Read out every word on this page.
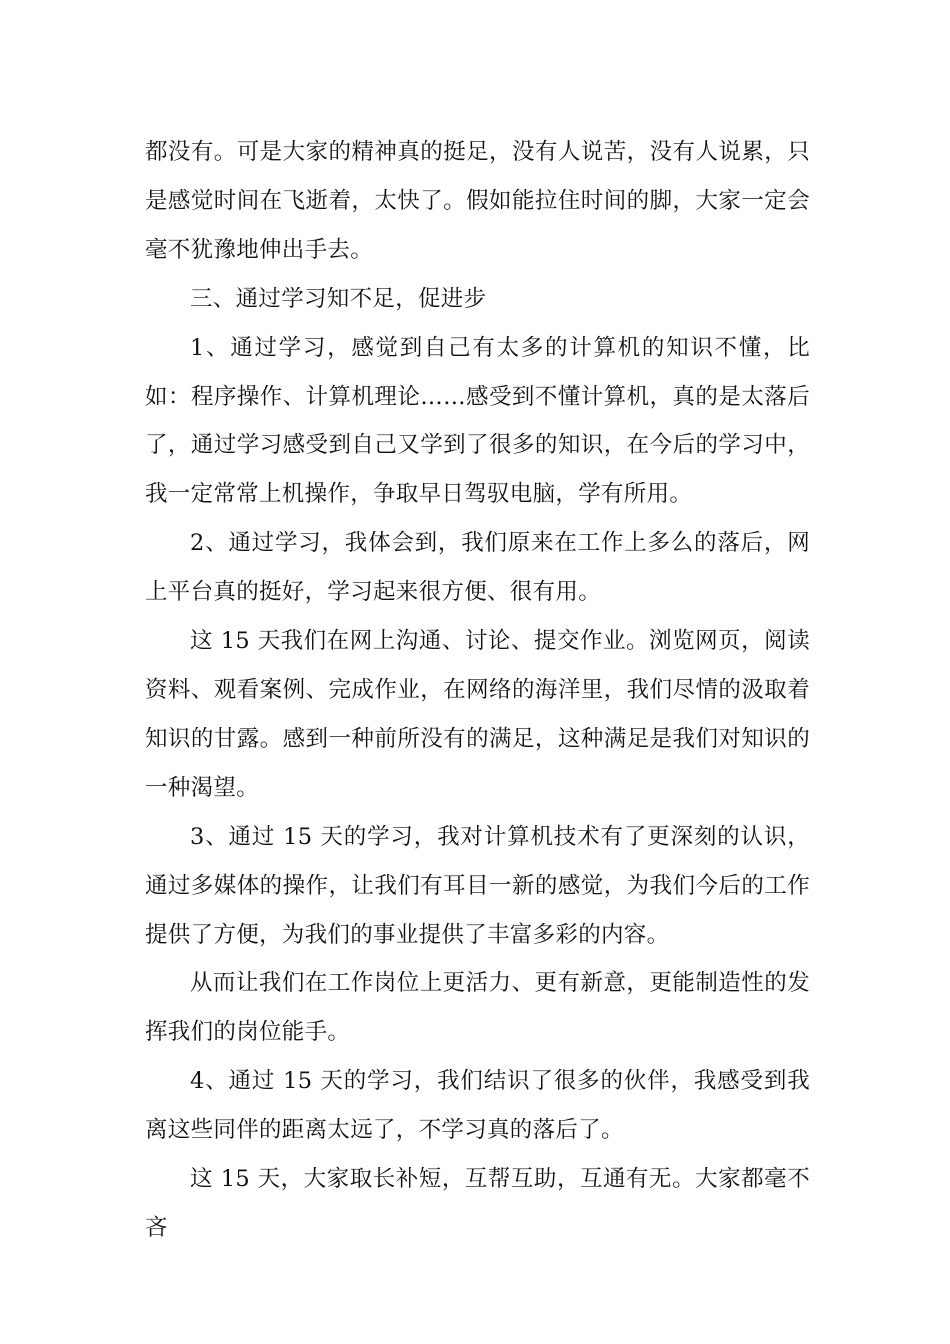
都没有。可是大家的精神真的挺足，没有人说苦，没有人说累，只是感觉时间在飞逝着，太快了。假如能拉住时间的脚，大家一定会毫不犹豫地伸出手去。

三、通过学习知不足，促进步

1、通过学习，感觉到自己有太多的计算机的知识不懂，比如：程序操作、计算机理论……感受到不懂计算机，真的是太落后了，通过学习感受到自己又学到了很多的知识，在今后的学习中，我一定常常上机操作，争取早日驾驭电脑，学有所用。

2、通过学习，我体会到，我们原来在工作上多么的落后，网上平台真的挺好，学习起来很方便、很有用。

这 15 天我们在网上沟通、讨论、提交作业。浏览网页，阅读资料、观看案例、完成作业，在网络的海洋里，我们尽情的汲取着知识的甘露。感到一种前所没有的满足，这种满足是我们对知识的一种渴望。

3、通过 15 天的学习，我对计算机技术有了更深刻的认识，通过多媒体的操作，让我们有耳目一新的感觉，为我们今后的工作提供了方便，为我们的事业提供了丰富多彩的内容。

从而让我们在工作岗位上更活力、更有新意，更能制造性的发挥我们的岗位能手。

4、通过 15 天的学习，我们结识了很多的伙伴，我感受到我离这些同伴的距离太远了，不学习真的落后了。

这 15 天，大家取长补短，互帮互助，互通有无。大家都毫不吝
